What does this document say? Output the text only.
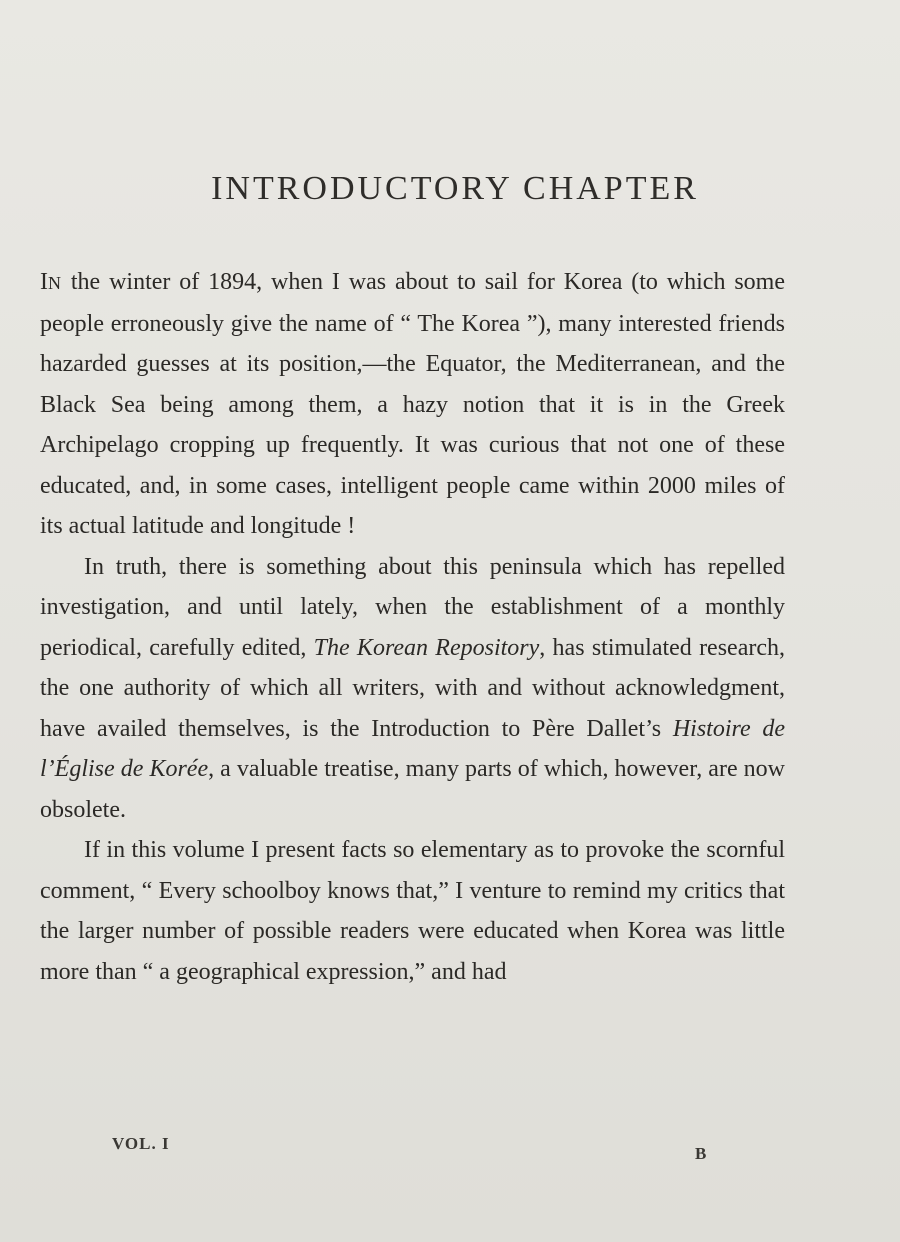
INTRODUCTORY CHAPTER

IN the winter of 1894, when I was about to sail for Korea (to which some people erroneously give the name of “ The Korea ”), many interested friends hazarded guesses at its position,—the Equator, the Mediterranean, and the Black Sea being among them, a hazy notion that it is in the Greek Archipelago cropping up frequently. It was curious that not one of these educated, and, in some cases, intelligent people came within 2000 miles of its actual latitude and longitude !

In truth, there is something about this peninsula which has repelled investigation, and until lately, when the establishment of a monthly periodical, carefully edited, The Korean Repository, has stimulated research, the one authority of which all writers, with and without acknowledgment, have availed themselves, is the Introduction to Père Dallet’s Histoire de l’Église de Korée, a valuable treatise, many parts of which, however, are now obsolete.

If in this volume I present facts so elementary as to provoke the scornful comment, “ Every schoolboy knows that,” I venture to remind my critics that the larger number of possible readers were educated when Korea was little more than “ a geographical expression,” and had

VOL. I
B
